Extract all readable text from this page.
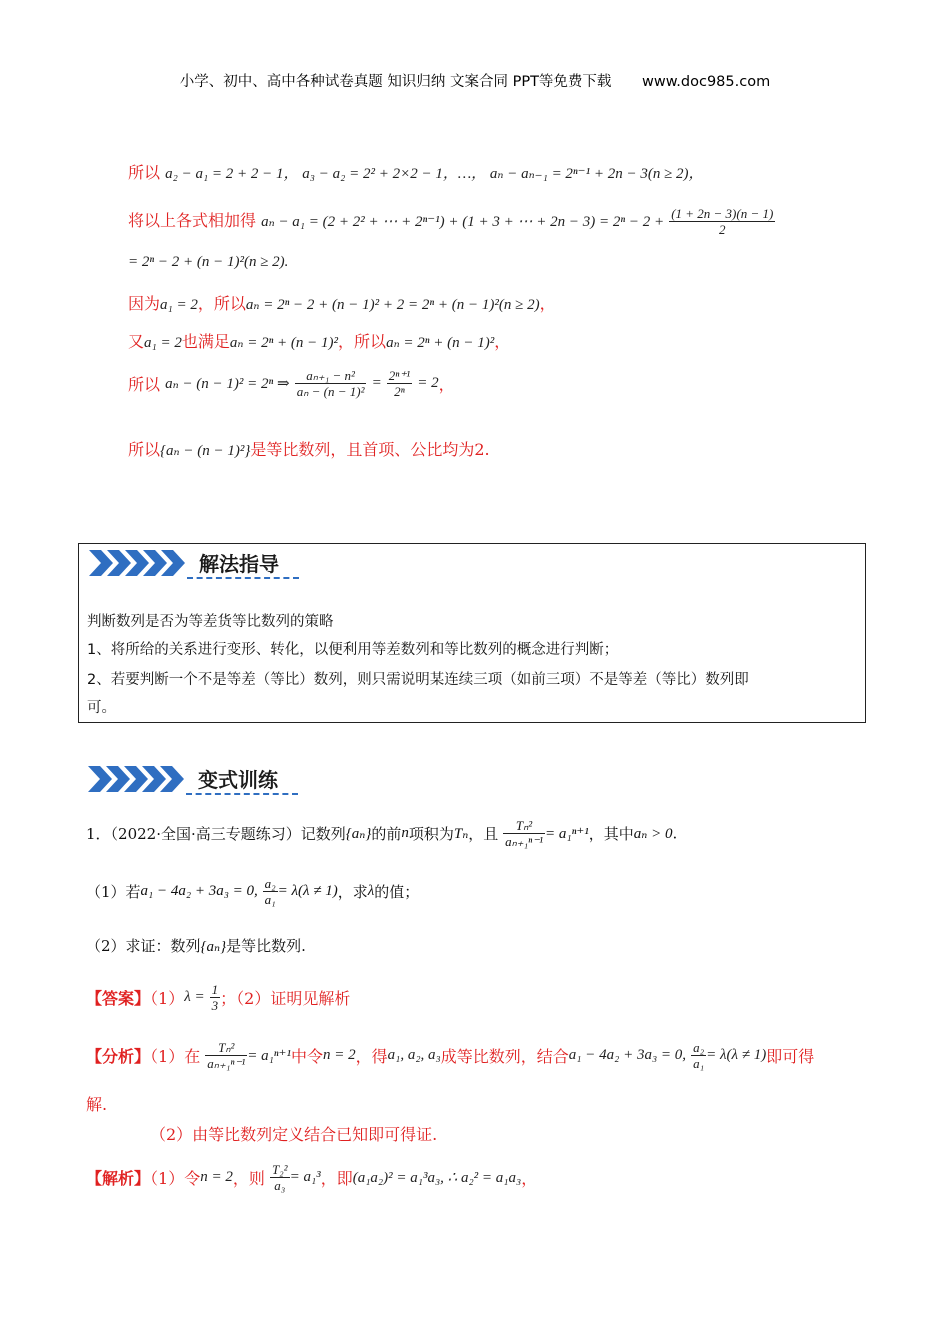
小学、初中、高中各种试卷真题 知识归纳 文案合同 PPT等免费下载 www.doc985.com
所以 a₂ − a₁ = 2 + 2 − 1， a₃ − a₂ = 2² + 2×2 − 1，…， aₙ − aₙ₋₁ = 2ⁿ⁻¹ + 2n − 3(n ≥ 2)，
将以上各式相加得 aₙ − a₁ = (2 + 2² + ⋯ + 2ⁿ⁻¹) + (1 + 3 + ⋯ + $2n - 3) = 2^n - 2 + \frac{(1 + 2n - 3)(n - 1)}{2}$
= 2ⁿ − 2 + (n − 1)²(n ≥ 2).
因为a₁ = 2，所以aₙ = 2ⁿ − 2 + (n − 1)² + 2 = 2ⁿ + (n − 1)²(n ≥ 2)，
又a₁ = 2也满足aₙ = 2ⁿ + (n − 1)²，所以aₙ = 2ⁿ + (n − 1)²，
所以 aₙ − (n − 1)² = 2ⁿ ⇒ $\frac{\text{aₙ₊₁ − n²}}{\text{aₙ − (n − 1)²}} = \frac{\text{2ⁿ⁺¹}}{\text{2ⁿ}} = 2$，
所以{aₙ − (n − 1)²}是等比数列，且首项、公比均为2.
解法指导
判断数列是否为等差货等比数列的策略
1、将所给的关系进行变形、转化，以便利用等差数列和等比数列的概念进行判断；
2、若要判断一个不是等差（等比）数列，则只需说明某连续三项（如前三项）不是等差（等比）数列即
可。
变式训练
1．（2022·全国·高三专题练习）记数列{aₙ}的前n项积为Tₙ，且 $\frac{\text{Tₙ²}}{\text{aₙ₊₁ⁿ⁻¹}} = a_1^{n+1}$，其中aₙ > 0.
（1）若a₁ − 4a₂ + 3a₃ = 0, $\frac{\text{a₂}}{\text{a₁}} = \lambda(\lambda \ne 1)$，求λ的值；
（2）求证：数列{aₙ}是等比数列.
【答案】$(1)\lambda = \frac{1}{3}$ ；（2）证明见解析
【分析】（1）在 $\frac{\text{Tₙ²}}{\text{aₙ₊₁ⁿ⁻¹}} = a_1^{n+1}$中令n = 2，得a₁, a₂, a₃成等比数列，结合a₁ − 4a₂ + 3a₃ = 0, $\frac{\text{a₂}}{\text{a₁}} = \lambda(\lambda \ne 1)$即可得
解.
（2）由等比数列定义结合已知即可得证.
【解析】（1）令n = 2，则 $\frac{\text{T₂²}}{\text{a₃}} = a_1^3$，即(a₁a₂)² = a₁³a₃, ∴ a₂² = a₁a₃，
